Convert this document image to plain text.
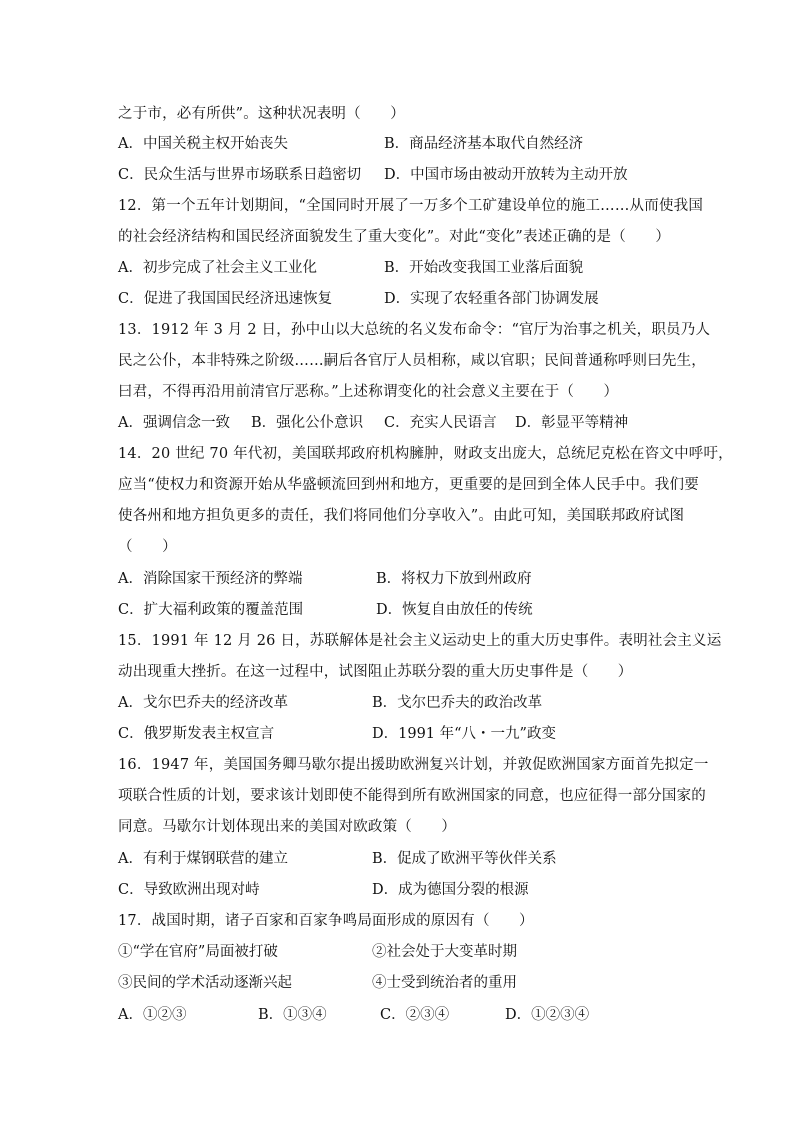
之于市，必有所供”。这种状况表明（　　）
A．中国关税主权开始丧失	B．商品经济基本取代自然经济
C．民众生活与世界市场联系日趋密切 D．中国市场由被动开放转为主动开放
12．第一个五年计划期间，“全国同时开展了一万多个工矿建设单位的施工……从而使我国
的社会经济结构和国民经济面貌发生了重大变化”。对此“变化”表述正确的是（　　）
A．初步完成了社会主义工业化	B．开始改变我国工业落后面貌
C．促进了我国国民经济迅速恢复	D．实现了农轻重各部门协调发展
13．1912 年 3 月 2 日，孙中山以大总统的名义发布命令：“官厅为治事之机关，职员乃人
民之公仆，本非特殊之阶级……嗣后各官厅人员相称，咸以官职；民间普通称呼则曰先生，
曰君，不得再沿用前清官厅恶称。”上述称谓变化的社会意义主要在于（　　）
A．强调信念一致 B．强化公仆意识 C．充实人民语言 D．彰显平等精神
14．20 世纪 70 年代初，美国联邦政府机构臃肿，财政支出庞大，总统尼克松在咨文中呼吁，
应当“使权力和资源开始从华盛顿流回到州和地方，更重要的是回到全体人民手中。我们要
使各州和地方担负更多的责任，我们将同他们分享收入”。由此可知，美国联邦政府试图
（　　）
A．消除国家干预经济的弊端	B．将权力下放到州政府
C．扩大福利政策的覆盖范围	D．恢复自由放任的传统
15．1991 年 12 月 26 日，苏联解体是社会主义运动史上的重大历史事件。表明社会主义运
动出现重大挫折。在这一过程中，试图阻止苏联分裂的重大历史事件是（　　）
A．戈尔巴乔夫的经济改革	B．戈尔巴乔夫的政治改革
C．俄罗斯发表主权宣言	D．1991 年“八・一九”政变
16．1947 年，美国国务卿马歇尔提出援助欧洲复兴计划，并敦促欧洲国家方面首先拟定一
项联合性质的计划，要求该计划即使不能得到所有欧洲国家的同意，也应征得一部分国家的
同意。马歇尔计划体现出来的美国对欧政策（　　）
A．有利于煤钢联营的建立	B．促成了欧洲平等伙伴关系
C．导致欧洲出现对峙	D．成为德国分裂的根源
17．战国时期，诸子百家和百家争鸣局面形成的原因有（　　）
①“学在官府”局面被打破	②社会处于大变革时期
③民间的学术活动逐渐兴起	④士受到统治者的重用
A．①②③	B．①③④	C．②③④	D．①②③④
